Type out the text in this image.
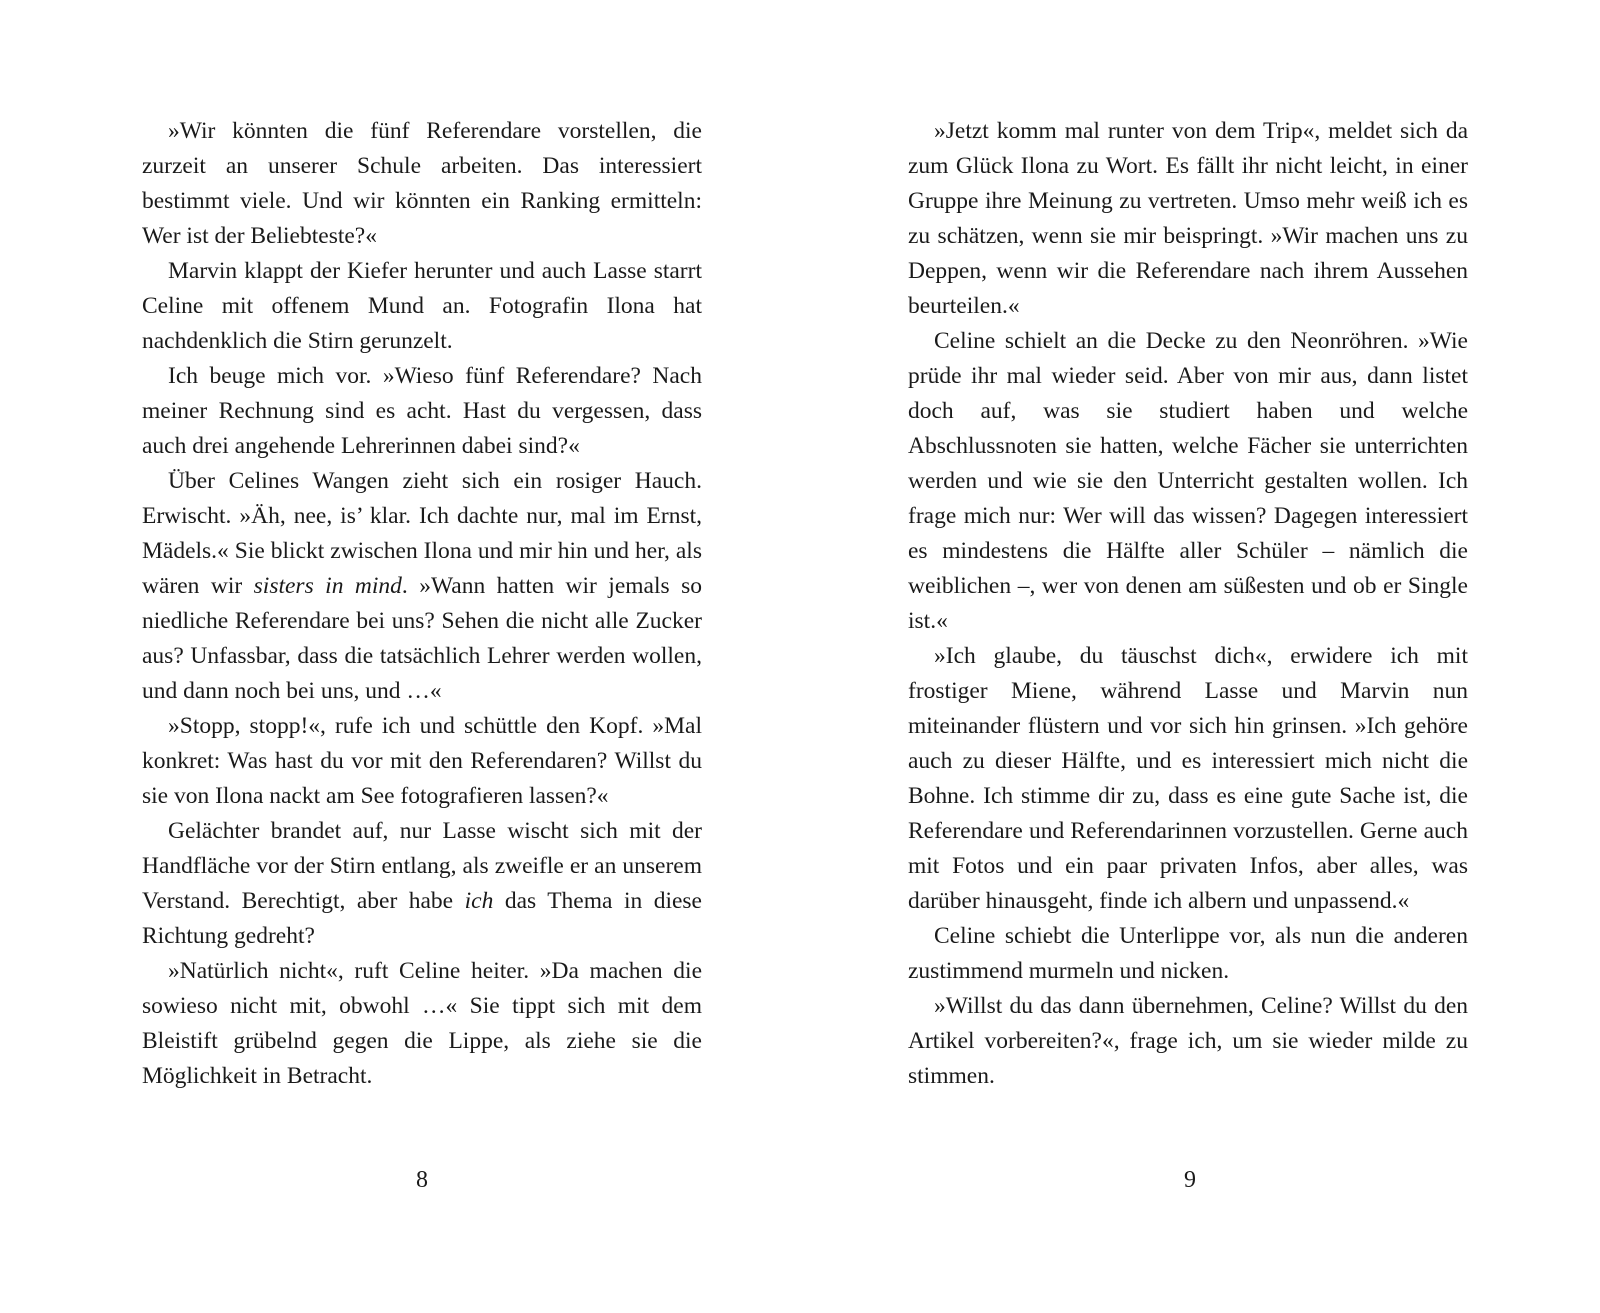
»Wir könnten die fünf Referendare vorstellen, die zurzeit an unserer Schule arbeiten. Das interessiert bestimmt viele. Und wir könnten ein Ranking ermitteln: Wer ist der Beliebteste?«

Marvin klappt der Kiefer herunter und auch Lasse starrt Celine mit offenem Mund an. Fotografin Ilona hat nachdenklich die Stirn gerunzelt.

Ich beuge mich vor. »Wieso fünf Referendare? Nach meiner Rechnung sind es acht. Hast du vergessen, dass auch drei angehende Lehrerinnen dabei sind?«

Über Celines Wangen zieht sich ein rosiger Hauch. Erwischt. »Äh, nee, is’ klar. Ich dachte nur, mal im Ernst, Mädels.« Sie blickt zwischen Ilona und mir hin und her, als wären wir sisters in mind. »Wann hatten wir jemals so niedliche Referendare bei uns? Sehen die nicht alle Zucker aus? Unfassbar, dass die tatsächlich Lehrer werden wollen, und dann noch bei uns, und …«

»Stopp, stopp!«, rufe ich und schüttle den Kopf. »Mal konkret: Was hast du vor mit den Referendaren? Willst du sie von Ilona nackt am See fotografieren lassen?«

Gelächter brandet auf, nur Lasse wischt sich mit der Handfläche vor der Stirn entlang, als zweifle er an unserem Verstand. Berechtigt, aber habe ich das Thema in diese Richtung gedreht?

»Natürlich nicht«, ruft Celine heiter. »Da machen die sowieso nicht mit, obwohl …« Sie tippt sich mit dem Bleistift grübelnd gegen die Lippe, als ziehe sie die Möglichkeit in Betracht.

8

»Jetzt komm mal runter von dem Trip«, meldet sich da zum Glück Ilona zu Wort. Es fällt ihr nicht leicht, in einer Gruppe ihre Meinung zu vertreten. Umso mehr weiß ich es zu schätzen, wenn sie mir beispringt. »Wir machen uns zu Deppen, wenn wir die Referendare nach ihrem Aussehen beurteilen.«

Celine schielt an die Decke zu den Neonröhren. »Wie prüde ihr mal wieder seid. Aber von mir aus, dann listet doch auf, was sie studiert haben und welche Abschlussnoten sie hatten, welche Fächer sie unterrichten werden und wie sie den Unterricht gestalten wollen. Ich frage mich nur: Wer will das wissen? Dagegen interessiert es mindestens die Hälfte aller Schüler – nämlich die weiblichen –, wer von denen am süßesten und ob er Single ist.«

»Ich glaube, du täuschst dich«, erwidere ich mit frostiger Miene, während Lasse und Marvin nun miteinander flüstern und vor sich hin grinsen. »Ich gehöre auch zu dieser Hälfte, und es interessiert mich nicht die Bohne. Ich stimme dir zu, dass es eine gute Sache ist, die Referendare und Referendarinnen vorzustellen. Gerne auch mit Fotos und ein paar privaten Infos, aber alles, was darüber hinausgeht, finde ich albern und unpassend.«

Celine schiebt die Unterlippe vor, als nun die anderen zustimmend murmeln und nicken.

»Willst du das dann übernehmen, Celine? Willst du den Artikel vorbereiten?«, frage ich, um sie wieder milde zu stimmen.

9
